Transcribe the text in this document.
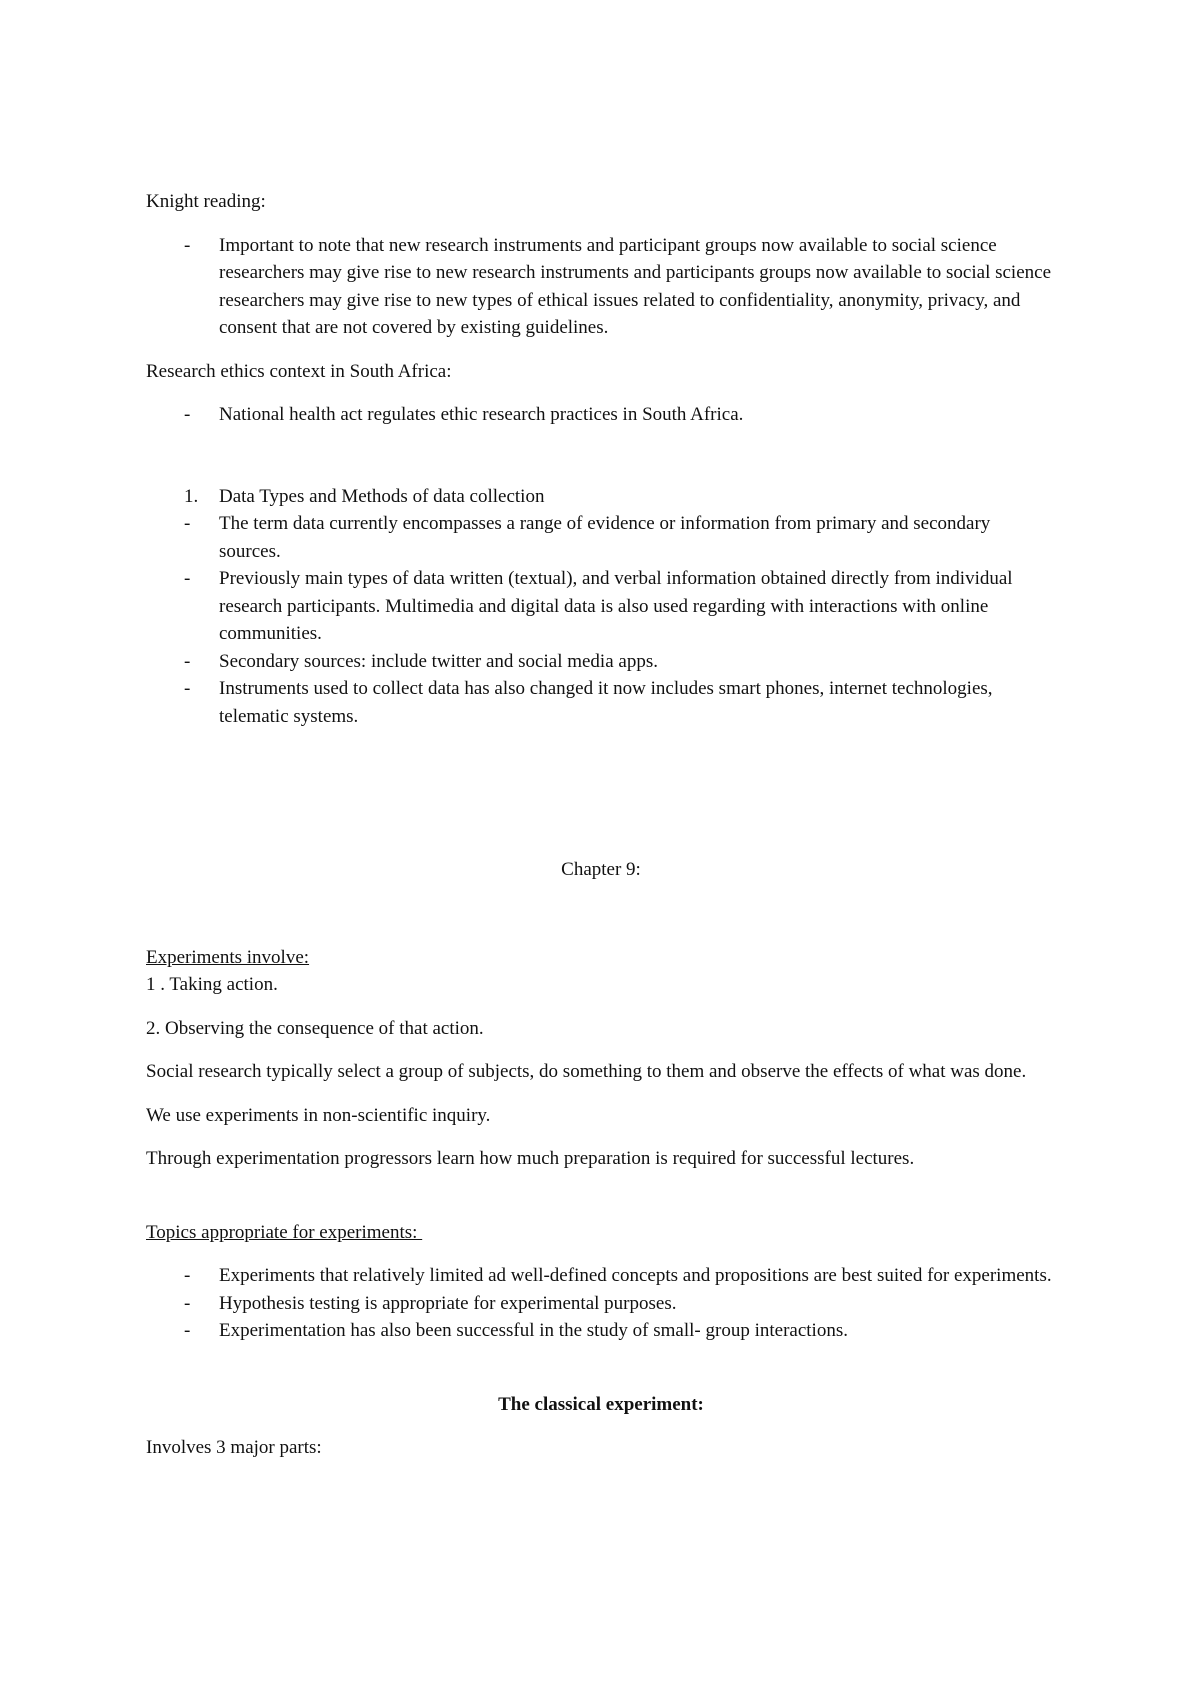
Knight reading:

- Important to note that new research instruments and participant groups now available to social science researchers may give rise to new research instruments and participants groups now available to social science researchers may give rise to new types of ethical issues related to confidentiality, anonymity, privacy, and consent that are not covered by existing guidelines.

Research ethics context in South Africa:

- National health act regulates ethic research practices in South Africa.
1. Data Types and Methods of data collection
- The term data currently encompasses a range of evidence or information from primary and secondary sources.
- Previously main types of data written (textual), and verbal information obtained directly from individual research participants. Multimedia and digital data is also used regarding with interactions with online communities.
- Secondary sources: include twitter and social media apps.
- Instruments used to collect data has also changed it now includes smart phones, internet technologies, telematic systems.

Chapter 9:

Experiments involve:

1 . Taking action.

2. Observing the consequence of that action.

Social research typically select a group of subjects, do something to them and observe the effects of what was done.

We use experiments in non-scientific inquiry.

Through experimentation progressors learn how much preparation is required for successful lectures.

Topics appropriate for experiments:

- Experiments that relatively limited ad well-defined concepts and propositions are best suited for experiments.
- Hypothesis testing is appropriate for experimental purposes.
- Experimentation has also been successful in the study of small- group interactions.

The classical experiment:

Involves 3 major parts:
